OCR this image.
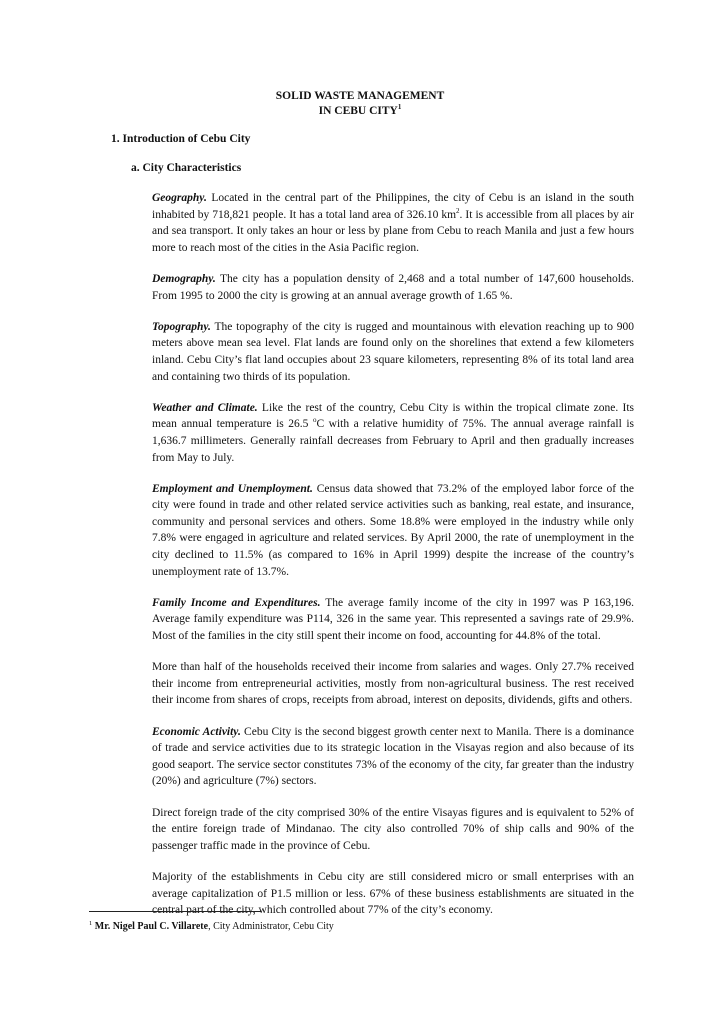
SOLID WASTE MANAGEMENT
IN CEBU CITY$^1$
1. Introduction of Cebu City
a. City Characteristics

Geography. Located in the central part of the Philippines, the city of Cebu is an island in the south inhabited by 718,821 people. It has a total land area of 326.10 $km^2$. It is accessible from all places by air and sea transport. It only takes an hour or less by plane from Cebu to reach Manila and just a few hours more to reach most of the cities in the Asia Pacific region.

Demography. The city has a population density of 2,468 and a total number of 147,600 households. From 1995 to 2000 the city is growing at an annual average growth of 1.65 %.

Topography. The topography of the city is rugged and mountainous with elevation reaching up to 900 meters above mean sea level. Flat lands are found only on the shorelines that extend a few kilometers inland. Cebu City’s flat land occupies about 23 square kilometers, representing 8% of its total land area and containing two thirds of its population.

Weather and Climate. Like the rest of the country, Cebu City is within the tropical climate zone. Its mean annual temperature is 26.5 $^o$C with a relative humidity of 75%. The annual average rainfall is 1,636.7 millimeters. Generally rainfall decreases from February to April and then gradually increases from May to July.

Employment and Unemployment. Census data showed that 73.2% of the employed labor force of the city were found in trade and other related service activities such as banking, real estate, and insurance, community and personal services and others. Some 18.8% were employed in the industry while only 7.8% were engaged in agriculture and related services. By April 2000, the rate of unemployment in the city declined to 11.5% (as compared to 16% in April 1999) despite the increase of the country’s unemployment rate of 13.7%.

Family Income and Expenditures. The average family income of the city in 1997 was P 163,196. Average family expenditure was P114, 326 in the same year. This represented a savings rate of 29.9%. Most of the families in the city still spent their income on food, accounting for 44.8% of the total.

More than half of the households received their income from salaries and wages. Only 27.7% received their income from entrepreneurial activities, mostly from non-agricultural business. The rest received their income from shares of crops, receipts from abroad, interest on deposits, dividends, gifts and others.

Economic Activity. Cebu City is the second biggest growth center next to Manila. There is a dominance of trade and service activities due to its strategic location in the Visayas region and also because of its good seaport. The service sector constitutes 73% of the economy of the city, far greater than the industry (20%) and agriculture (7%) sectors.

Direct foreign trade of the city comprised 30% of the entire Visayas figures and is equivalent to 52% of the entire foreign trade of Mindanao. The city also controlled 70% of ship calls and 90% of the passenger traffic made in the province of Cebu.

Majority of the establishments in Cebu city are still considered micro or small enterprises with an average capitalization of P1.5 million or less. 67% of these business establishments are situated in the central part of the city, which controlled about 77% of the city’s economy.

$^1$ Mr. Nigel Paul C. Villarete, City Administrator, Cebu City
